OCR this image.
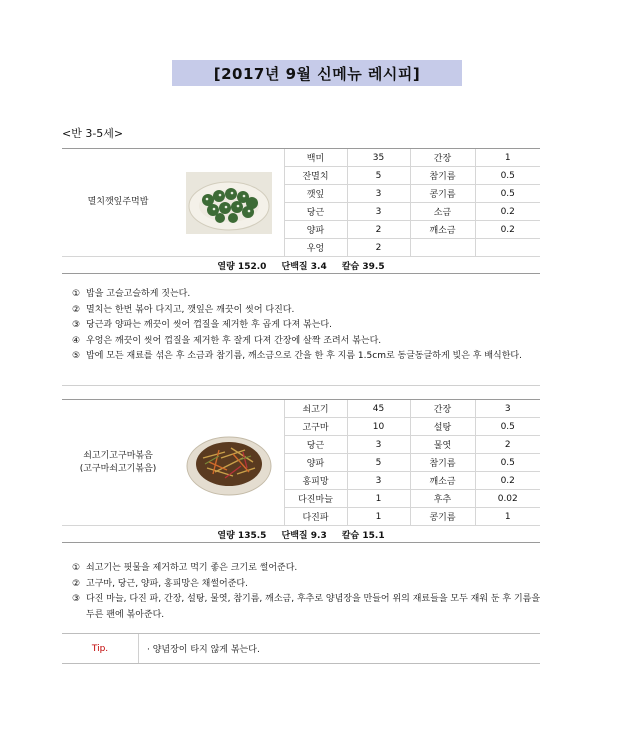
[2017년 9월 신메뉴 레시피]
<반 3-5세>
멸치깻잎주먹밥		백미	35	간장	1
		잔멸치	5	참기름	0.5
		깻잎	3	콩기름	0.5
		당근	3	소금	0.2
		양파	2	깨소금	0.2
		우엉	2		
열량 152.0 단백질 3.4 칼슘 39.5					
① 밥을 고슬고슬하게 짓는다.
② 멸치는 한번 볶아 다지고, 깻잎은 깨끗이 씻어 다진다.
③ 당근과 양파는 깨끗이 씻어 껍질을 제거한 후 곱게 다져 볶는다.
④ 우엉은 깨끗이 씻어 껍질을 제거한 후 잘게 다져 간장에 살짝 조려서 볶는다.
⑤ 밥에 모든 재료를 섞은 후 소금과 참기름, 깨소금으로 간을 한 후 지름 1.5cm로 동글동글하게 빚은 후 배식한다.
쇠고기고구마볶음
(고구마쇠고기볶음)		쇠고기	45	간장	3
		고구마	10	설탕	0.5
		당근	3	물엿	2
		양파	5	참기름	0.5
		홍피망	3	깨소금	0.2
		다진마늘	1	후추	0.02
		다진파	1	콩기름	1
열량 135.5 단백질 9.3 칼슘 15.1					
① 쇠고기는 핏물을 제거하고 먹기 좋은 크기로 썰어준다.
② 고구마, 당근, 양파, 홍피망은 채썰어준다.
③ 다진 마늘, 다진 파, 간장, 설탕, 물엿, 참기름, 깨소금, 후추로 양념장을 만들어 위의 재료들을 모두 재워 둔 후 기름을 두른 팬에 볶아준다.
Tip.	· 양념장이 타지 않게 볶는다.
